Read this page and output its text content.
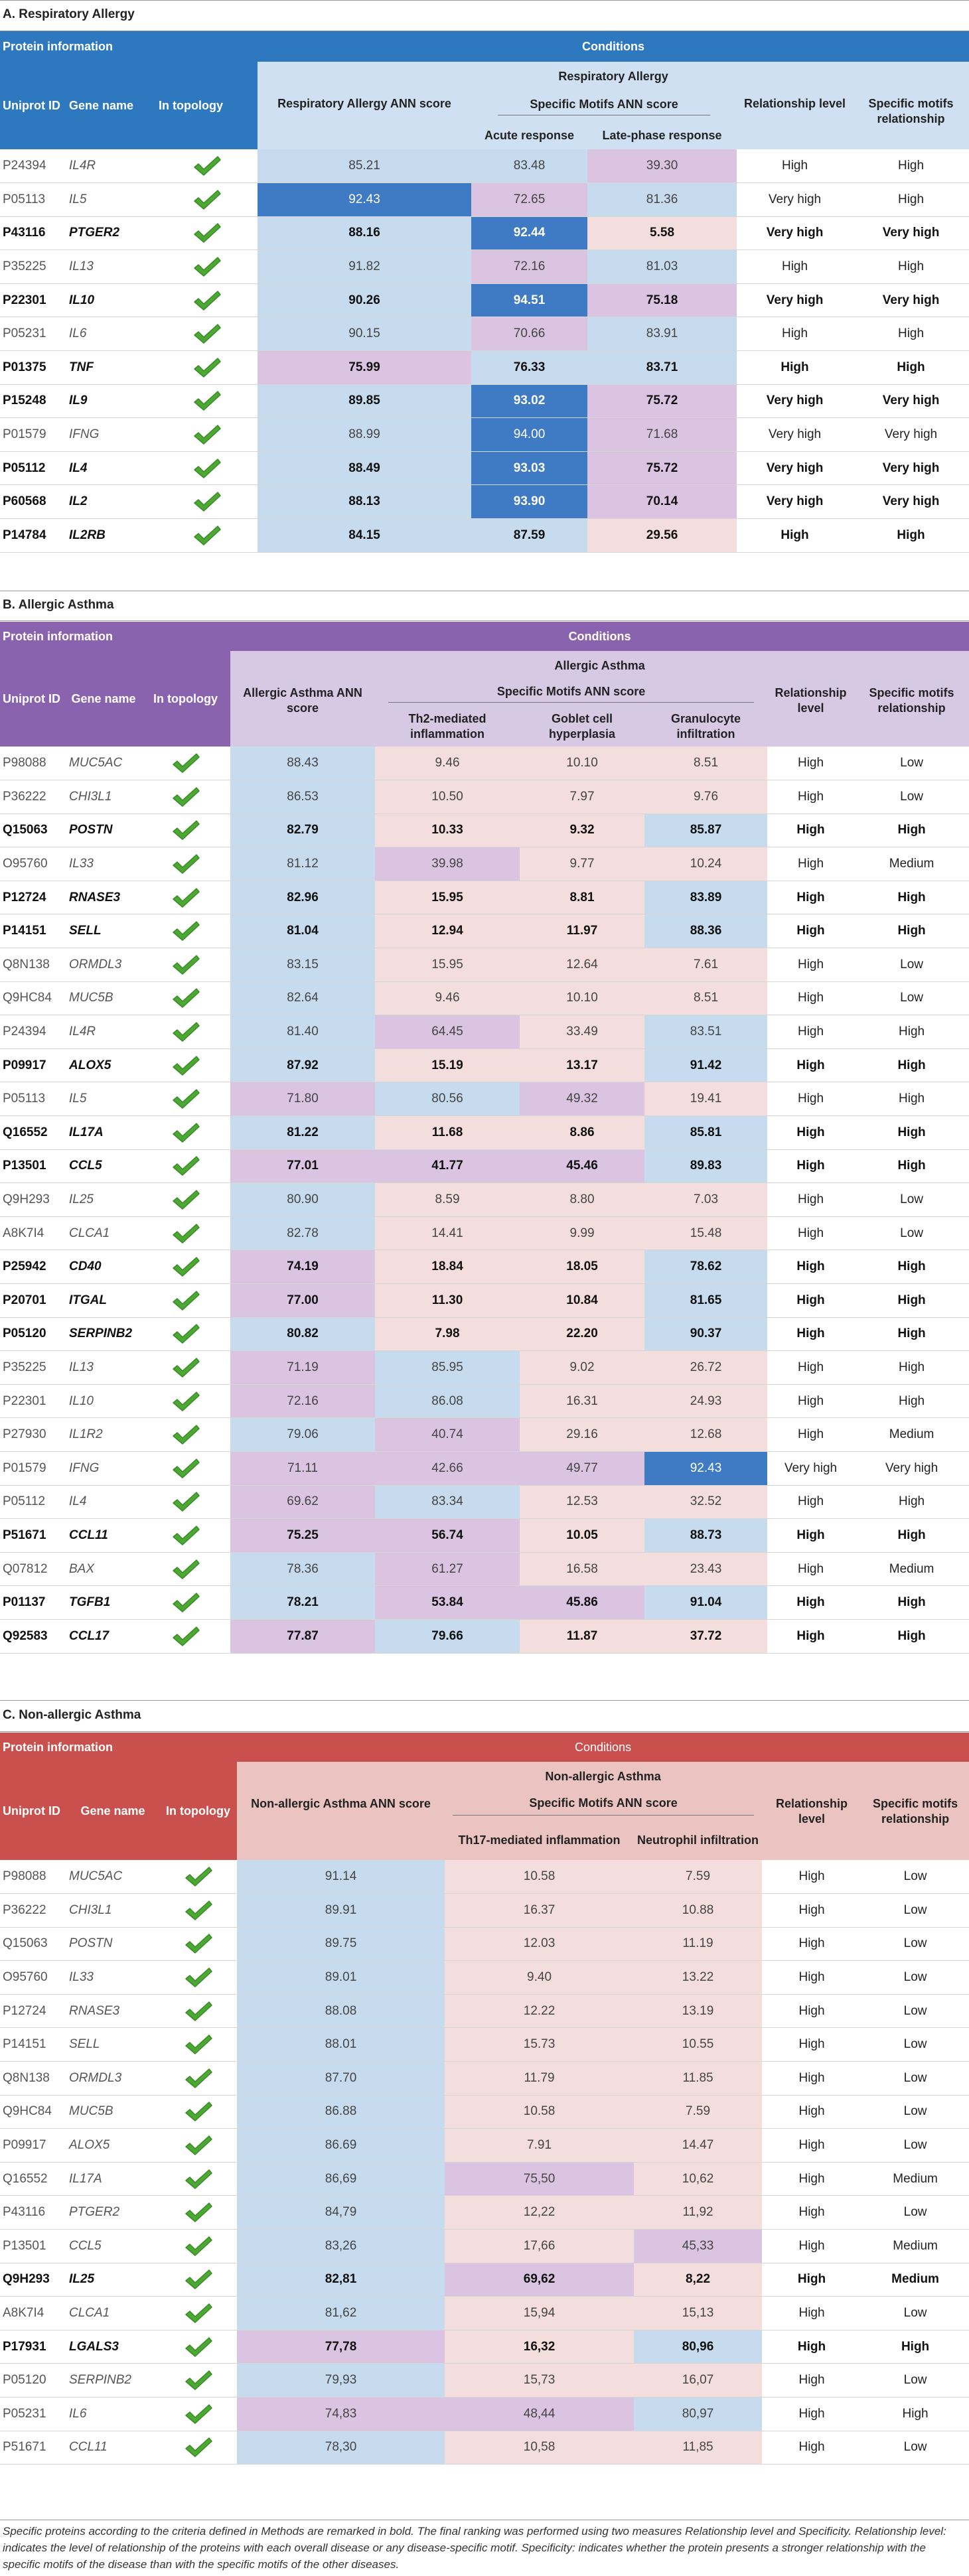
A. Respiratory Allergy
Protein information			Conditions				
Uniprot ID	Gene name	In topology	Respiratory Allergy				
			Respiratory Allergy ANN score	Specific Motifs ANN score		Relationship level	Specific motifs relationship
				Acute response	Late-phase response		
P24394	IL4R		85.21	83.48	39.30	High	High
P05113	IL5		92.43	72.65	81.36	Very high	High
P43116	PTGER2		88.16	92.44	5.58	Very high	Very high
P35225	IL13		91.82	72.16	81.03	High	High
P22301	IL10		90.26	94.51	75.18	Very high	Very high
P05231	IL6		90.15	70.66	83.91	High	High
P01375	TNF		75.99	76.33	83.71	High	High
P15248	IL9		89.85	93.02	75.72	Very high	Very high
P01579	IFNG		88.99	94.00	71.68	Very high	Very high
P05112	IL4		88.49	93.03	75.72	Very high	Very high
P60568	IL2		88.13	93.90	70.14	Very high	Very high
P14784	IL2RB		84.15	87.59	29.56	High	High
B. Allergic Asthma
Protein information			Conditions					
Uniprot ID	Gene name	In topology	Allergic Asthma					
			Allergic Asthma ANN score	Specific Motifs ANN score			Relationship level	Specific motifs relationship
				Th2-mediated inflammation	Goblet cell hyperplasia	Granulocyte infiltration		
P98088	MUC5AC		88.43	9.46	10.10	8.51	High	Low
P36222	CHI3L1		86.53	10.50	7.97	9.76	High	Low
Q15063	POSTN		82.79	10.33	9.32	85.87	High	High
O95760	IL33		81.12	39.98	9.77	10.24	High	Medium
P12724	RNASE3		82.96	15.95	8.81	83.89	High	High
P14151	SELL		81.04	12.94	11.97	88.36	High	High
Q8N138	ORMDL3		83.15	15.95	12.64	7.61	High	Low
Q9HC84	MUC5B		82.64	9.46	10.10	8.51	High	Low
P24394	IL4R		81.40	64.45	33.49	83.51	High	High
P09917	ALOX5		87.92	15.19	13.17	91.42	High	High
P05113	IL5		71.80	80.56	49.32	19.41	High	High
Q16552	IL17A		81.22	11.68	8.86	85.81	High	High
P13501	CCL5		77.01	41.77	45.46	89.83	High	High
Q9H293	IL25		80.90	8.59	8.80	7.03	High	Low
A8K7I4	CLCA1		82.78	14.41	9.99	15.48	High	Low
P25942	CD40		74.19	18.84	18.05	78.62	High	High
P20701	ITGAL		77.00	11.30	10.84	81.65	High	High
P05120	SERPINB2		80.82	7.98	22.20	90.37	High	High
P35225	IL13		71.19	85.95	9.02	26.72	High	High
P22301	IL10		72.16	86.08	16.31	24.93	High	High
P27930	IL1R2		79.06	40.74	29.16	12.68	High	Medium
P01579	IFNG		71.11	42.66	49.77	92.43	Very high	Very high
P05112	IL4		69.62	83.34	12.53	32.52	High	High
P51671	CCL11		75.25	56.74	10.05	88.73	High	High
Q07812	BAX		78.36	61.27	16.58	23.43	High	Medium
P01137	TGFB1		78.21	53.84	45.86	91.04	High	High
Q92583	CCL17		77.87	79.66	11.87	37.72	High	High
C. Non-allergic Asthma
Protein information			Conditions				
Uniprot ID	Gene name	In topology	Non-allergic Asthma				
			Non-allergic Asthma ANN score	Specific Motifs ANN score		Relationship level	Specific motifs relationship
				Th17-mediated inflammation	Neutrophil infiltration		
P98088	MUC5AC		91.14	10.58	7.59	High	Low
P36222	CHI3L1		89.91	16.37	10.88	High	Low
Q15063	POSTN		89.75	12.03	11.19	High	Low
O95760	IL33		89.01	9.40	13.22	High	Low
P12724	RNASE3		88.08	12.22	13.19	High	Low
P14151	SELL		88.01	15.73	10.55	High	Low
Q8N138	ORMDL3		87.70	11.79	11.85	High	Low
Q9HC84	MUC5B		86.88	10.58	7.59	High	Low
P09917	ALOX5		86.69	7.91	14.47	High	Low
Q16552	IL17A		86,69	75,50	10,62	High	Medium
P43116	PTGER2		84,79	12,22	11,92	High	Low
P13501	CCL5		83,26	17,66	45,33	High	Medium
Q9H293	IL25		82,81	69,62	8,22	High	Medium
A8K7I4	CLCA1		81,62	15,94	15,13	High	Low
P17931	LGALS3		77,78	16,32	80,96	High	High
P05120	SERPINB2		79,93	15,73	16,07	High	Low
P05231	IL6		74,83	48,44	80,97	High	High
P51671	CCL11		78,30	10,58	11,85	High	Low
Specific proteins according to the criteria defined in Methods are remarked in bold. The final ranking was performed using two measures Relationship level and Specificity. Relationship level: indicates the level of relationship of the proteins with each overall disease or any disease-specific motif. Specificity: indicates whether the protein presents a stronger relationship with the specific motifs of the disease than with the specific motifs of the other diseases.
